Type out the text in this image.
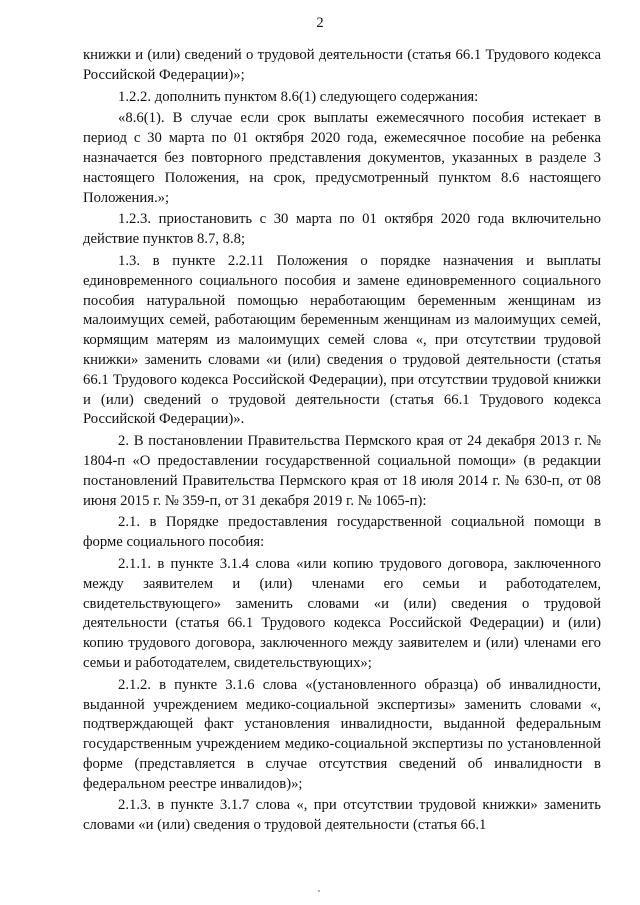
2

книжки и (или) сведений о трудовой деятельности (статья 66.1 Трудового кодекса Российской Федерации)»;

1.2.2. дополнить пунктом 8.6(1) следующего содержания:

«8.6(1). В случае если срок выплаты ежемесячного пособия истекает в период с 30 марта по 01 октября 2020 года, ежемесячное пособие на ребенка назначается без повторного представления документов, указанных в разделе 3 настоящего Положения, на срок, предусмотренный пунктом 8.6 настоящего Положения.»;

1.2.3. приостановить с 30 марта по 01 октября 2020 года включительно действие пунктов 8.7, 8.8;

1.3. в пункте 2.2.11 Положения о порядке назначения и выплаты единовременного социального пособия и замене единовременного социального пособия натуральной помощью неработающим беременным женщинам из малоимущих семей, работающим беременным женщинам из малоимущих семей, кормящим матерям из малоимущих семей слова «, при отсутствии трудовой книжки» заменить словами «и (или) сведения о трудовой деятельности (статья 66.1 Трудового кодекса Российской Федерации), при отсутствии трудовой книжки и (или) сведений о трудовой деятельности (статья 66.1 Трудового кодекса Российской Федерации)».

2. В постановлении Правительства Пермского края от 24 декабря 2013 г. № 1804-п «О предоставлении государственной социальной помощи» (в редакции постановлений Правительства Пермского края от 18 июля 2014 г. № 630-п, от 08 июня 2015 г. № 359-п, от 31 декабря 2019 г. № 1065-п):

2.1. в Порядке предоставления государственной социальной помощи в форме социального пособия:

2.1.1. в пункте 3.1.4 слова «или копию трудового договора, заключенного между заявителем и (или) членами его семьи и работодателем, свидетельствующего» заменить словами «и (или) сведения о трудовой деятельности (статья 66.1 Трудового кодекса Российской Федерации) и (или) копию трудового договора, заключенного между заявителем и (или) членами его семьи и работодателем, свидетельствующих»;

2.1.2. в пункте 3.1.6 слова «(установленного образца) об инвалидности, выданной учреждением медико-социальной экспертизы» заменить словами «, подтверждающей факт установления инвалидности, выданной федеральным государственным учреждением медико-социальной экспертизы по установленной форме (представляется в случае отсутствия сведений об инвалидности в федеральном реестре инвалидов)»;

2.1.3. в пункте 3.1.7 слова «, при отсутствии трудовой книжки» заменить словами «и (или) сведения о трудовой деятельности (статья 66.1
